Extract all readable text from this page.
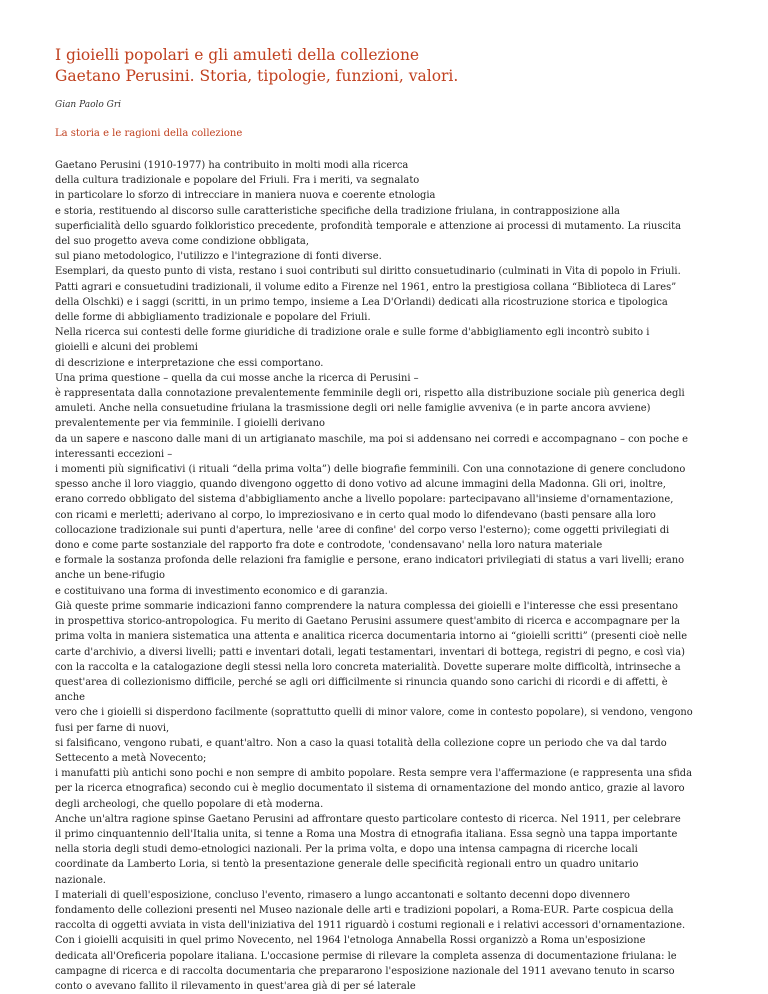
I gioielli popolari e gli amuleti della collezione
Gaetano Perusini. Storia, tipologie, funzioni, valori.
Gian Paolo Gri
La storia e le ragioni della collezione
Gaetano Perusini (1910-1977) ha contribuito in molti modi alla ricerca
della cultura tradizionale e popolare del Friuli. Fra i meriti, va segnalato
in particolare lo sforzo di intrecciare in maniera nuova e coerente etnologia
e storia, restituendo al discorso sulle caratteristiche specifiche della tradizione friulana, in contrapposizione alla
superficialità dello sguardo folkloristico precedente, profondità temporale e attenzione ai processi di mutamento. La riuscita
del suo progetto aveva come condizione obbligata,
sul piano metodologico, l'utilizzo e l'integrazione di fonti diverse.
Esemplari, da questo punto di vista, restano i suoi contributi sul diritto consuetudinario (culminati in Vita di popolo in Friuli.
Patti agrari e consuetudini tradizionali, il volume edito a Firenze nel 1961, entro la prestigiosa collana “Biblioteca di Lares”
della Olschki) e i saggi (scritti, in un primo tempo, insieme a Lea D'Orlandi) dedicati alla ricostruzione storica e tipologica
delle forme di abbigliamento tradizionale e popolare del Friuli.
Nella ricerca sui contesti delle forme giuridiche di tradizione orale e sulle forme d'abbigliamento egli incontrò subito i
gioielli e alcuni dei problemi
di descrizione e interpretazione che essi comportano.
Una prima questione – quella da cui mosse anche la ricerca di Perusini –
è rappresentata dalla connotazione prevalentemente femminile degli ori, rispetto alla distribuzione sociale più generica degli
amuleti. Anche nella consuetudine friulana la trasmissione degli ori nelle famiglie avveniva (e in parte ancora avviene)
prevalentemente per via femminile. I gioielli derivano
da un sapere e nascono dalle mani di un artigianato maschile, ma poi si addensano nei corredi e accompagnano – con poche e
interessanti eccezioni –
i momenti più significativi (i rituali “della prima volta”) delle biografie femminili. Con una connotazione di genere concludono
spesso anche il loro viaggio, quando divengono oggetto di dono votivo ad alcune immagini della Madonna. Gli ori, inoltre,
erano corredo obbligato del sistema d'abbigliamento anche a livello popolare: partecipavano all'insieme d'ornamentazione,
con ricami e merletti; aderivano al corpo, lo impreziosivano e in certo qual modo lo difendevano (basti pensare alla loro
collocazione tradizionale sui punti d'apertura, nelle 'aree di confine' del corpo verso l'esterno); come oggetti privilegiati di
dono e come parte sostanziale del rapporto fra dote e controdote, 'condensavano' nella loro natura materiale
e formale la sostanza profonda delle relazioni fra famiglie e persone, erano indicatori privilegiati di status a vari livelli; erano
anche un bene-rifugio
e costituivano una forma di investimento economico e di garanzia.
Già queste prime sommarie indicazioni fanno comprendere la natura complessa dei gioielli e l'interesse che essi presentano
in prospettiva storico-antropologica. Fu merito di Gaetano Perusini assumere quest'ambito di ricerca e accompagnare per la
prima volta in maniera sistematica una attenta e analitica ricerca documentaria intorno ai “gioielli scritti” (presenti cioè nelle
carte d'archivio, a diversi livelli; patti e inventari dotali, legati testamentari, inventari di bottega, registri di pegno, e così via)
con la raccolta e la catalogazione degli stessi nella loro concreta materialità. Dovette superare molte difficoltà, intrinseche a
quest'area di collezionismo difficile, perché se agli ori difficilmente si rinuncia quando sono carichi di ricordi e di affetti, è
anche
vero che i gioielli si disperdono facilmente (soprattutto quelli di minor valore, come in contesto popolare), si vendono, vengono
fusi per farne di nuovi,
si falsificano, vengono rubati, e quant'altro. Non a caso la quasi totalità della collezione copre un periodo che va dal tardo
Settecento a metà Novecento;
i manufatti più antichi sono pochi e non sempre di ambito popolare. Resta sempre vera l'affermazione (e rappresenta una sfida
per la ricerca etnografica) secondo cui è meglio documentato il sistema di ornamentazione del mondo antico, grazie al lavoro
degli archeologi, che quello popolare di età moderna.
Anche un'altra ragione spinse Gaetano Perusini ad affrontare questo particolare contesto di ricerca. Nel 1911, per celebrare
il primo cinquantennio dell'Italia unita, si tenne a Roma una Mostra di etnografia italiana. Essa segnò una tappa importante
nella storia degli studi demo-etnologici nazionali. Per la prima volta, e dopo una intensa campagna di ricerche locali
coordinate da Lamberto Loria, si tentò la presentazione generale delle specificità regionali entro un quadro unitario
nazionale.
I materiali di quell'esposizione, concluso l'evento, rimasero a lungo accantonati e soltanto decenni dopo divennero
fondamento delle collezioni presenti nel Museo nazionale delle arti e tradizioni popolari, a Roma-EUR. Parte cospicua della
raccolta di oggetti avviata in vista dell'iniziativa del 1911 riguardò i costumi regionali e i relativi accessori d'ornamentazione.
Con i gioielli acquisiti in quel primo Novecento, nel 1964 l'etnologa Annabella Rossi organizzò a Roma un'esposizione
dedicata all'Oreficeria popolare italiana. L'occasione permise di rilevare la completa assenza di documentazione friulana: le
campagne di ricerca e di raccolta documentaria che prepararono l'esposizione nazionale del 1911 avevano tenuto in scarso
conto o avevano fallito il rilevamento in quest'area già di per sé laterale
